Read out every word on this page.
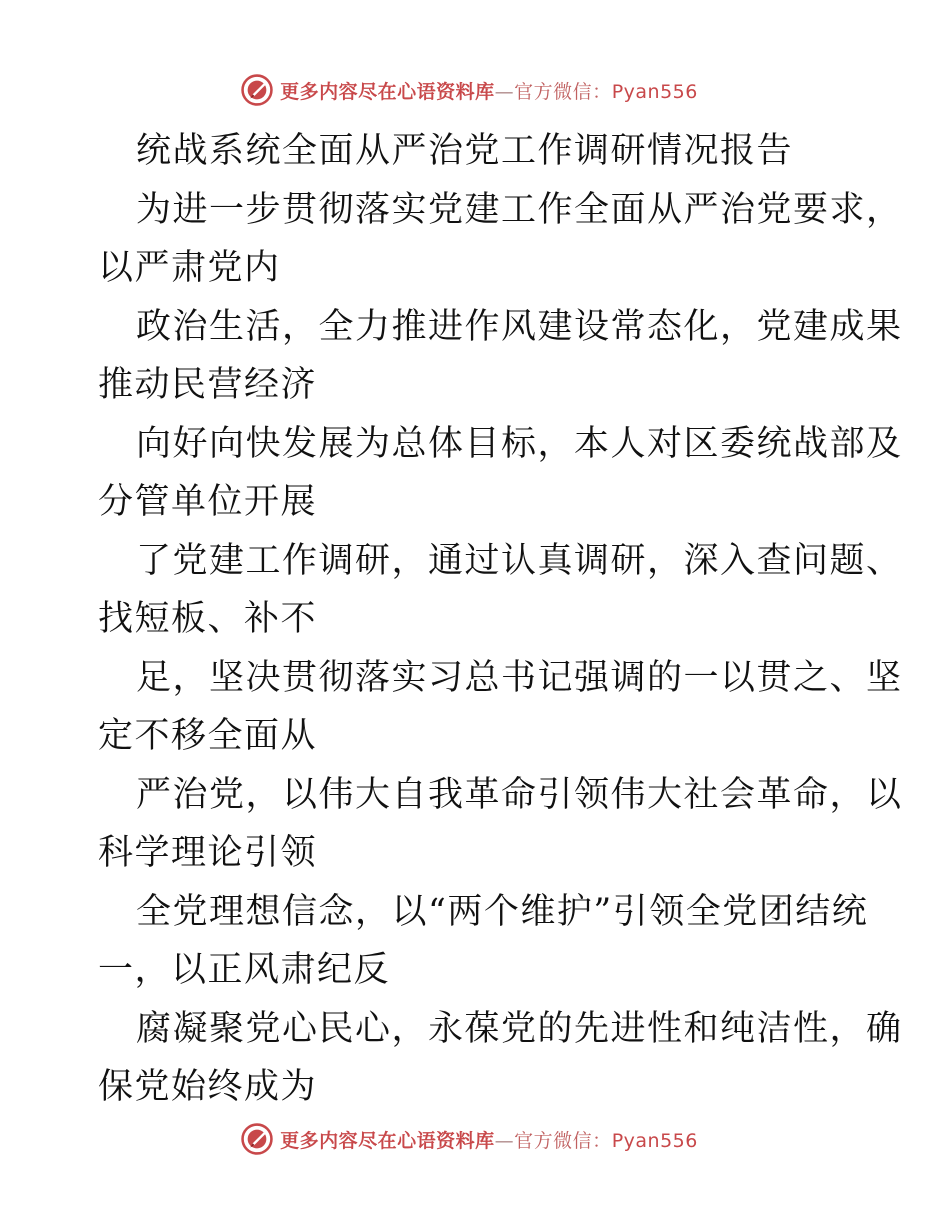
更多内容尽在心语资料库—官方微信：Pyan556
统战系统全面从严治党工作调研情况报告
为进一步贯彻落实党建工作全面从严治党要求，
以严肃党内
政治生活，全力推进作风建设常态化，党建成果
推动民营经济
向好向快发展为总体目标，本人对区委统战部及
分管单位开展
了党建工作调研，通过认真调研，深入查问题、
找短板、补不
足，坚决贯彻落实习总书记强调的一以贯之、坚
定不移全面从
严治党，以伟大自我革命引领伟大社会革命，以
科学理论引领
全党理想信念，以“两个维护”引领全党团结统
一，以正风肃纪反
腐凝聚党心民心，永葆党的先进性和纯洁性，确
保党始终成为
更多内容尽在心语资料库—官方微信：Pyan556
